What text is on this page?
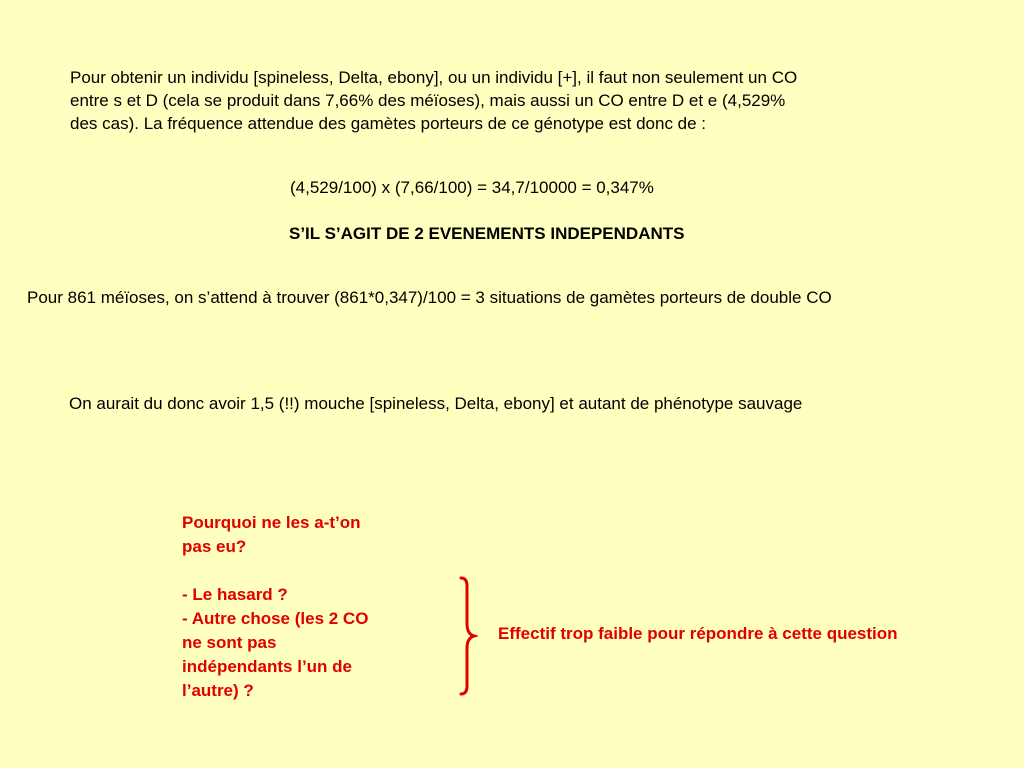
Pour obtenir un individu [spineless, Delta, ebony], ou un individu [+], il faut non seulement un CO
entre s et D (cela se produit dans 7,66% des méïoses), mais aussi un CO entre D et e (4,529%
des cas). La fréquence attendue des gamètes porteurs de ce génotype est donc de :
(4,529/100) x (7,66/100) = 34,7/10000 = 0,347%
S’IL S’AGIT DE 2 EVENEMENTS INDEPENDANTS
Pour 861 méïoses, on s’attend à trouver (861*0,347)/100 = 3 situations de gamètes porteurs de double CO
On aurait du donc avoir 1,5 (!!) mouche [spineless, Delta, ebony] et autant de phénotype sauvage
Pourquoi ne les a-t’on
pas eu?
- Le hasard ?
- Autre chose (les 2 CO
ne sont pas
indépendants l’un de
l’autre) ?
Effectif trop faible pour répondre à cette question
